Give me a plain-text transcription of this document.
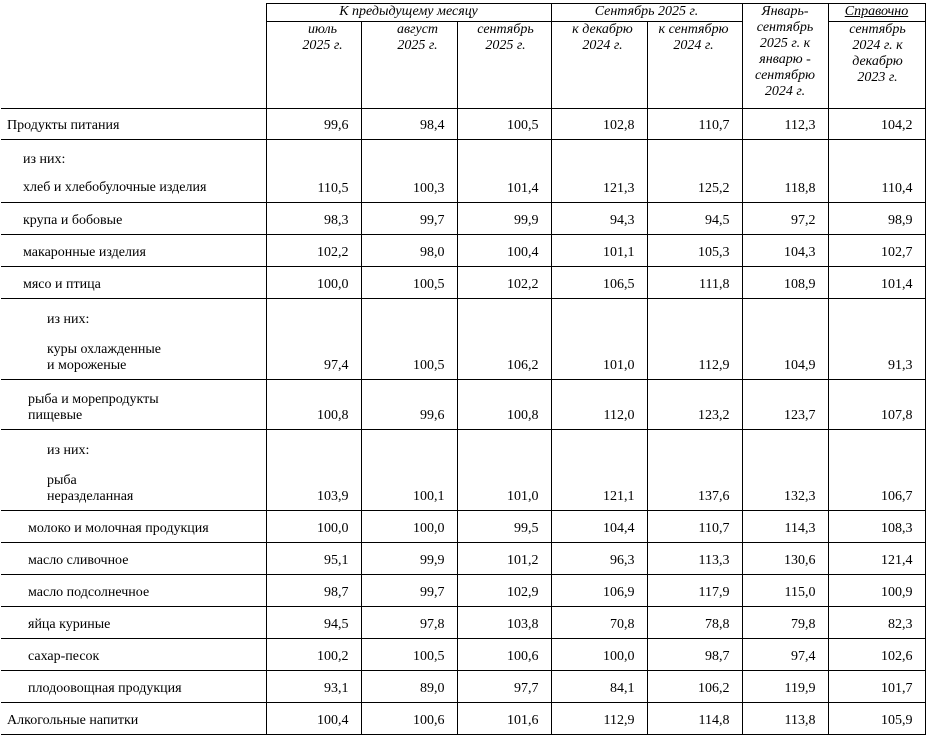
	К предыдущему месяцу			Сентябрь 2025 г.		Январь-сентябрь 2025 г. к январю - сентябрю 2024 г.	Справочно
	июль 2025 г.	август 2025 г.	сентябрь 2025 г.	к декабрю 2024 г.	к сентябрю 2024 г.		сентябрь 2024 г. к декабрю 2023 г.
Продукты питания	99,6	98,4	100,5	102,8	110,7	112,3	104,2

из них:
хлеб и хлебобулочные изделия	110,5	100,3	101,4	121,3	125,2	118,8	110,4
крупа и бобовые	98,3	99,7	99,9	94,3	94,5	97,2	98,9
макаронные изделия	102,2	98,0	100,4	101,1	105,3	104,3	102,7
мясо и птица	100,0	100,5	102,2	106,5	111,8	108,9	101,4

из них:
куры охлажденные
и мороженые	97,4	100,5	106,2	101,0	112,9	104,9	91,3

рыба и морепродукты
пищевые	100,8	99,6	100,8	112,0	123,2	123,7	107,8

из них:
рыба
неразделанная	103,9	100,1	101,0	121,1	137,6	132,3	106,7
молоко и молочная продукция	100,0	100,0	99,5	104,4	110,7	114,3	108,3
масло сливочное	95,1	99,9	101,2	96,3	113,3	130,6	121,4
масло подсолнечное	98,7	99,7	102,9	106,9	117,9	115,0	100,9
яйца куриные	94,5	97,8	103,8	70,8	78,8	79,8	82,3
сахар-песок	100,2	100,5	100,6	100,0	98,7	97,4	102,6
плодоовощная продукция	93,1	89,0	97,7	84,1	106,2	119,9	101,7
Алкогольные напитки	100,4	100,6	101,6	112,9	114,8	113,8	105,9
